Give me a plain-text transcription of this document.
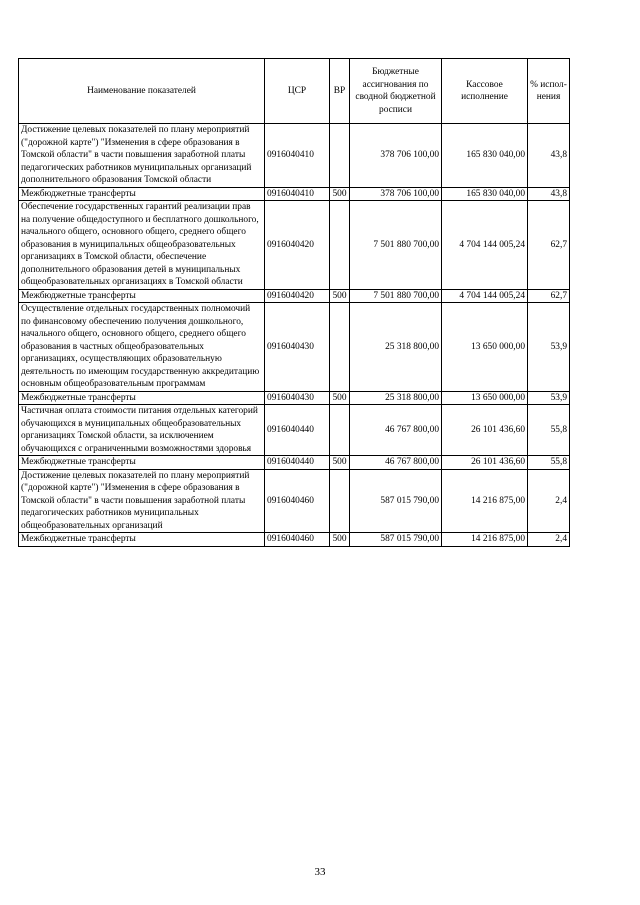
Наименование показателей	ЦСР	ВР	Бюджетные ассигнования по сводной бюджетной росписи	Кассовое исполнение	% испол-нения
Достижение целевых показателей по плану мероприятий ("дорожной карте") "Изменения в сфере образования в Томской области" в части повышения заработной платы педагогических работников муниципальных организаций дополнительного образования Томской области	0916040410		378 706 100,00	165 830 040,00	43,8
Межбюджетные трансферты	0916040410	500	378 706 100,00	165 830 040,00	43,8
Обеспечение государственных гарантий реализации прав на получение общедоступного и бесплатного дошкольного, начального общего, основного общего, среднего общего образования в муниципальных общеобразовательных организациях в Томской области, обеспечение дополнительного образования детей в муниципальных общеобразовательных организациях в Томской области	0916040420		7 501 880 700,00	4 704 144 005,24	62,7
Межбюджетные трансферты	0916040420	500	7 501 880 700,00	4 704 144 005,24	62,7
Осуществление отдельных государственных полномочий по финансовому обеспечению получения дошкольного, начального общего, основного общего, среднего общего образования в частных общеобразовательных организациях, осуществляющих образовательную деятельность по имеющим государственную аккредитацию основным общеобразовательным программам	0916040430		25 318 800,00	13 650 000,00	53,9
Межбюджетные трансферты	0916040430	500	25 318 800,00	13 650 000,00	53,9
Частичная оплата стоимости питания отдельных категорий обучающихся в муниципальных общеобразовательных организациях Томской области, за исключением обучающихся с ограниченными возможностями здоровья	0916040440		46 767 800,00	26 101 436,60	55,8
Межбюджетные трансферты	0916040440	500	46 767 800,00	26 101 436,60	55,8
Достижение целевых показателей по плану мероприятий ("дорожной карте") "Изменения в сфере образования в Томской области" в части повышения заработной платы педагогических работников муниципальных общеобразовательных организаций	0916040460		587 015 790,00	14 216 875,00	2,4
Межбюджетные трансферты	0916040460	500	587 015 790,00	14 216 875,00	2,4
33
